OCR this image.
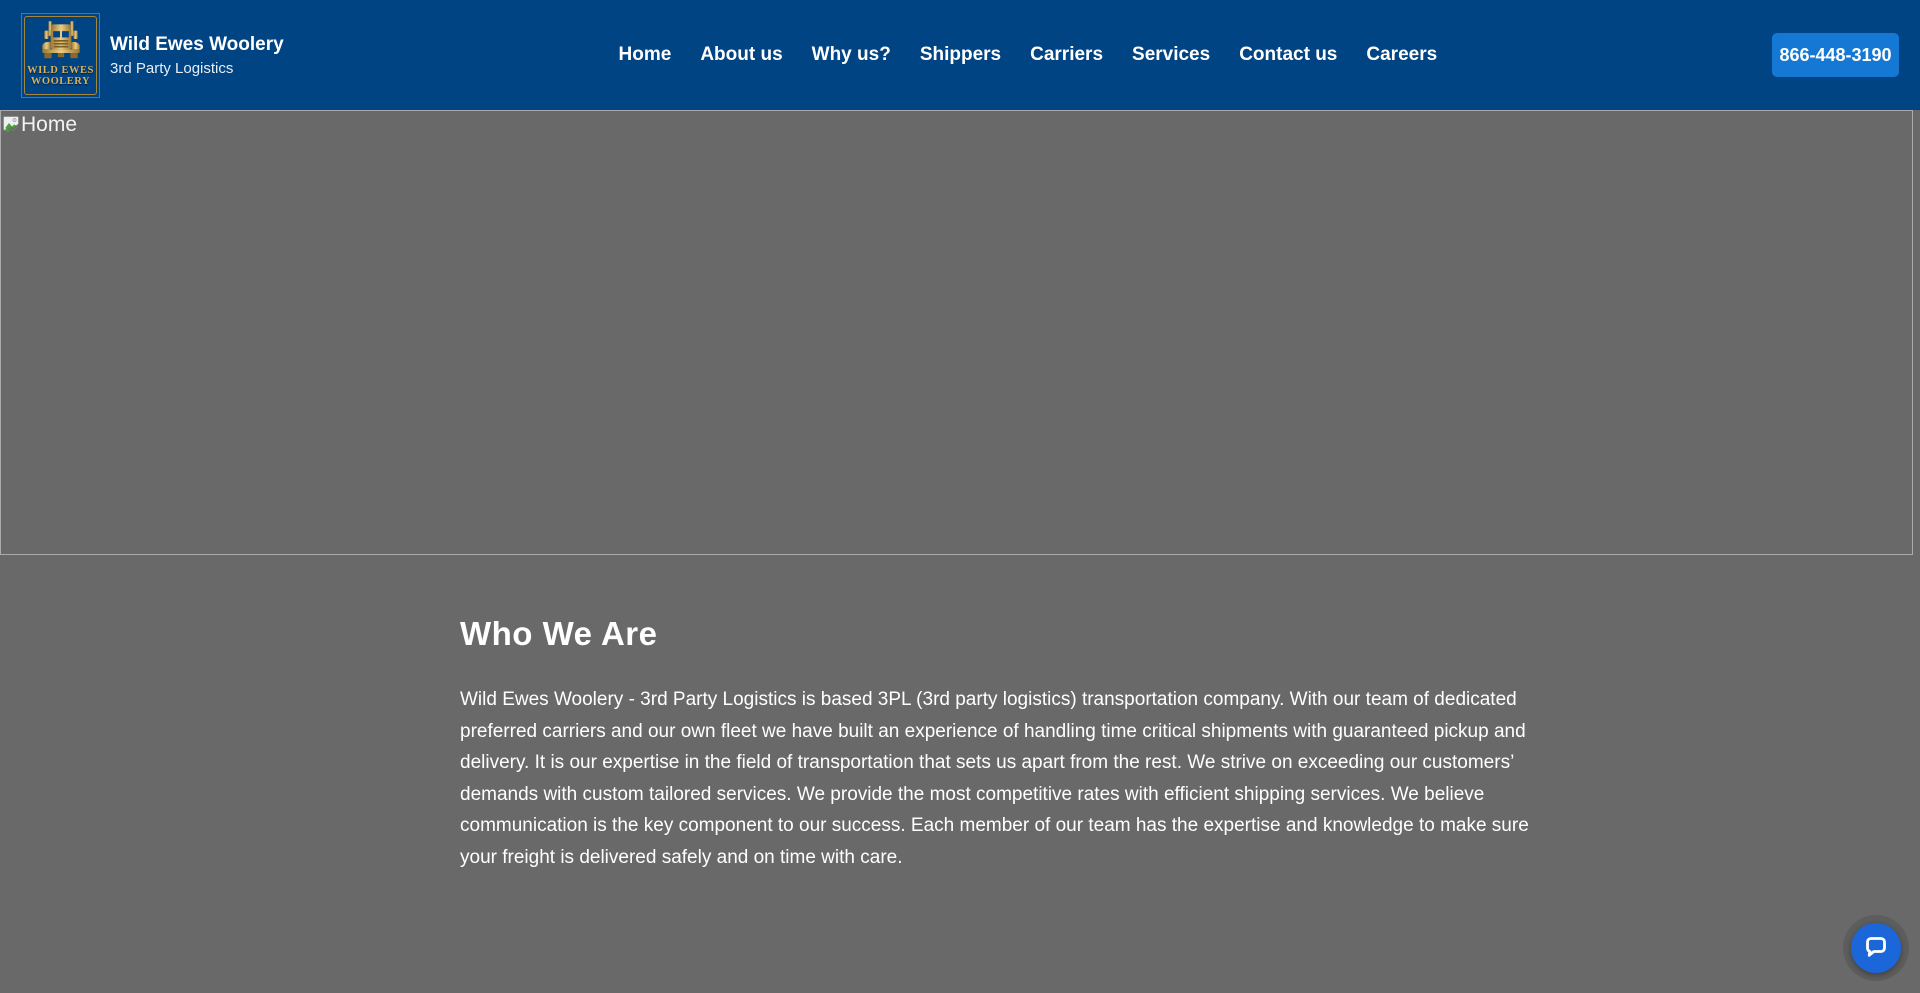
WILD EWES
WOOLERY
Wild Ewes Woolery
3rd Party Logistics
Home About us Why us? Shippers Carriers Services Contact us Careers	866-448-3190
Home
Who We Are

Wild Ewes Woolery - 3rd Party Logistics is based 3PL (3rd party logistics) transportation company. With our team of dedicated preferred carriers and our own fleet we have built an experience of handling time critical shipments with guaranteed pickup and delivery. It is our expertise in the field of transportation that sets us apart from the rest. We strive on exceeding our customers’ demands with custom tailored services. We provide the most competitive rates with efficient shipping services. We believe communication is the key component to our success. Each member of our team has the expertise and knowledge to make sure your freight is delivered safely and on time with care.
